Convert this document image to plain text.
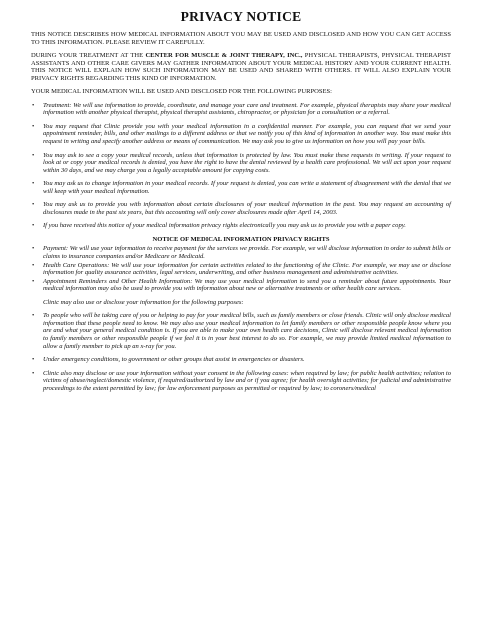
PRIVACY NOTICE
THIS NOTICE DESCRIBES HOW MEDICAL INFORMATION ABOUT YOU MAY BE USED AND DISCLOSED AND HOW YOU CAN GET ACCESS TO THIS INFORMATION. PLEASE REVIEW IT CAREFULLY.
DURING YOUR TREATMENT AT THE CENTER FOR MUSCLE & JOINT THERAPY, INC., PHYSICAL THERAPISTS, PHYSICAL THERAPIST ASSISTANTS AND OTHER CARE GIVERS MAY GATHER INFORMATION ABOUT YOUR MEDICAL HISTORY AND YOUR CURRENT HEALTH. THIS NOTICE WILL EXPLAIN HOW SUCH INFORMATION MAY BE USED AND SHARED WITH OTHERS. IT WILL ALSO EXPLAIN YOUR PRIVACY RIGHTS REGARDING THIS KIND OF INFORMATION.
YOUR MEDICAL INFORMATION WILL BE USED AND DISCLOSED FOR THE FOLLOWING PURPOSES:
• Treatment: We will use information to provide, coordinate, and manage your care and treatment. For example, physical therapists may share your medical information with another physical therapist, physical therapist assistants, chiropractor, or physician for a consultation or a referral.
• You may request that Clinic provide you with your medical information in a confidential manner. For example, you can request that we send your appointment reminder, bills, and other mailings to a different address or that we notify you of this kind of information in another way. You must make this request in writing and specify another address or means of communication. We may ask you to give us information on how you will pay your bills.
• You may ask to see a copy your medical records, unless that information is protected by law. You must make these requests in writing. If your request to look at or copy your medical records is denied, you have the right to have the denial reviewed by a health care professional. We will act upon your request within 30 days, and we may charge you a legally acceptable amount for copying costs.
• You may ask us to change information in your medical records. If your request is denied, you can write a statement of disagreement with the denial that we will keep with your medical information.
• You may ask us to provide you with information about certain disclosures of your medical information in the past. You may request an accounting of disclosures made in the past six years, but this accounting will only cover disclosures made after April 14, 2003.
• If you have received this notice of your medical information privacy rights electronically you may ask us to provide you with a paper copy.
NOTICE OF MEDICAL INFORMATION PRIVACY RIGHTS
• Payment: We will use your information to receive payment for the services we provide. For example, we will disclose information in order to submit bills or claims to insurance companies and/or Medicare or Medicaid.
• Health Care Operations: We will use your information for certain activities related to the functioning of the Clinic. For example, we may use or disclose information for quality assurance activities, legal services, underwriting, and other business management and administrative activities.
• Appointment Reminders and Other Health Information: We may use your medical information to send you a reminder about future appointments. Your medical information may also be used to provide you with information about new or alternative treatments or other health care services.
Clinic may also use or disclose your information for the following purposes:
• To people who will be taking care of you or helping to pay for your medical bills, such as family members or close friends. Clinic will only disclose medical information that these people need to know. We may also use your medical information to let family members or other responsible people know where you are and what your general medical condition is. If you are able to make your own health care decisions, Clinic will disclose relevant medical information to family members or other responsible people if we feel it is in your best interest to do so. For example, we may provide limited medical information to allow a family member to pick up an x-ray for you.
• Under emergency conditions, to government or other groups that assist in emergencies or disasters.
• Clinic also may disclose or use your information without your consent in the following cases: when required by law; for public health activities; relation to victims of abuse/neglect/domestic violence, if required/authorized by law and or if you agree; for health oversight activities; for judicial and administrative proceedings to the extent permitted by law; for law enforcement purposes as permitted or required by law; to coroners/medical
